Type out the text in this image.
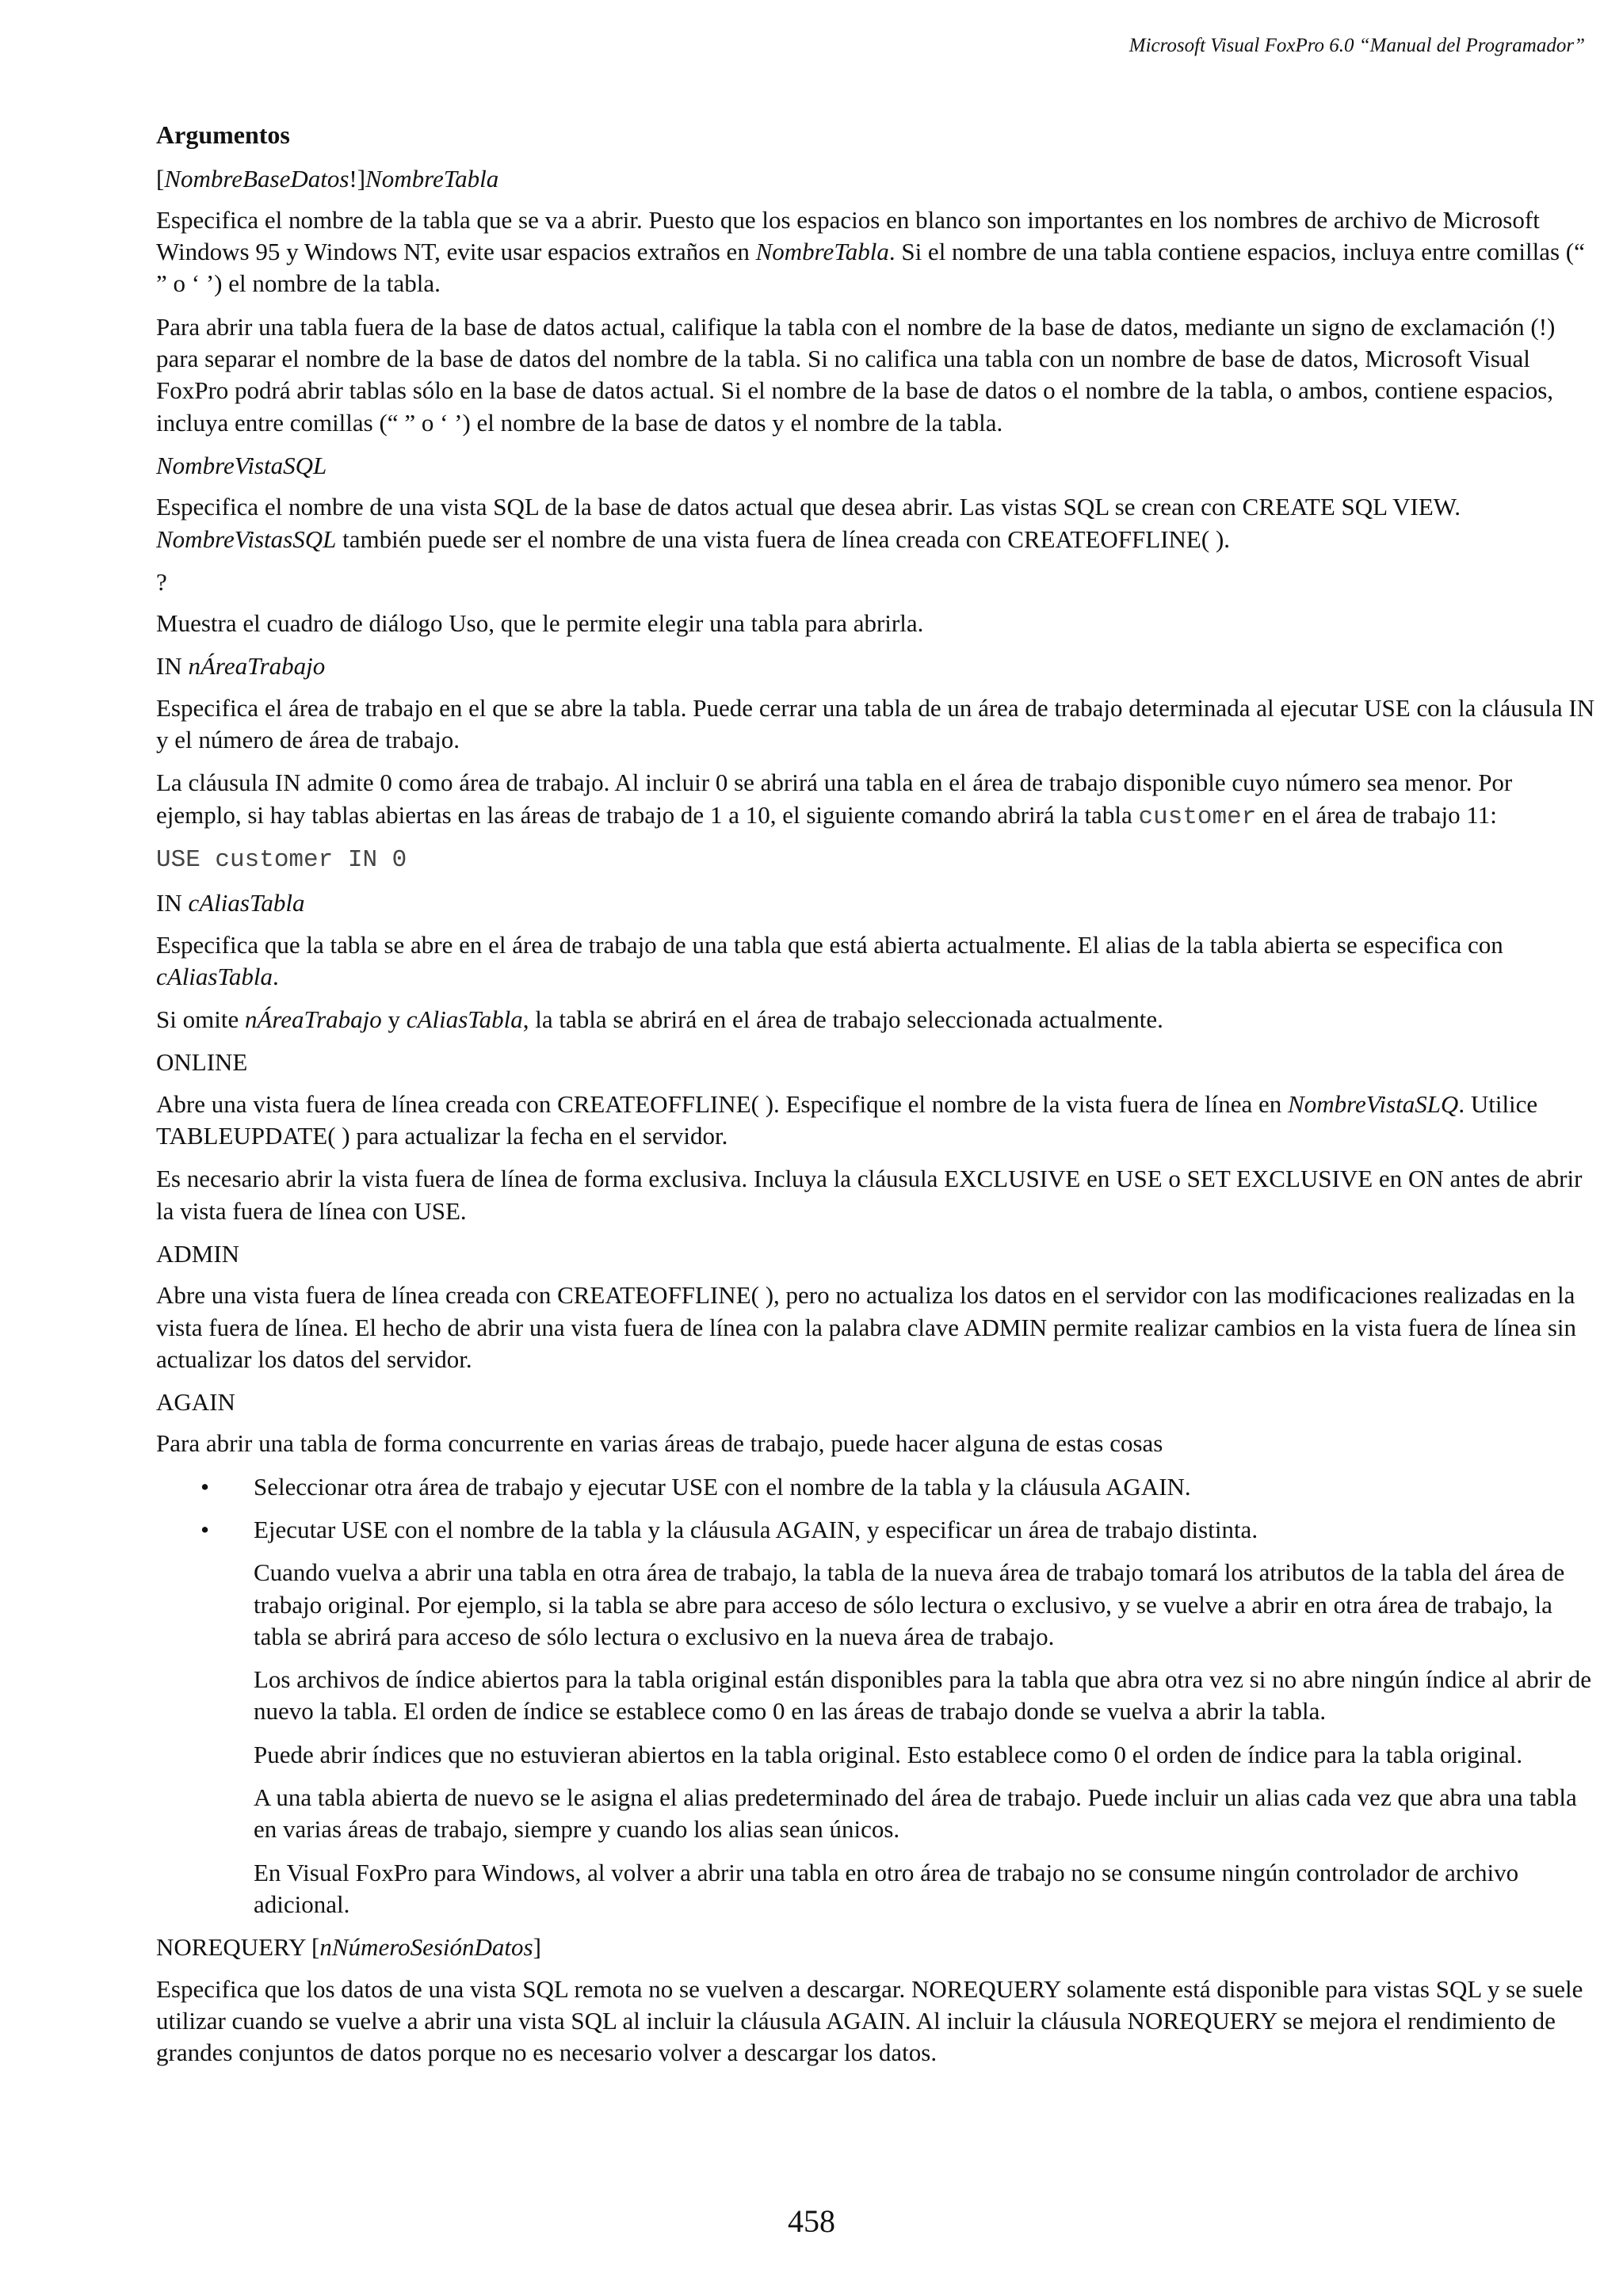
Microsoft Visual FoxPro 6.0 “Manual del Programador”

Argumentos

[NombreBaseDatos!]NombreTabla

Especifica el nombre de la tabla que se va a abrir. Puesto que los espacios en blanco son importantes en los nombres de archivo de Microsoft Windows 95 y Windows NT, evite usar espacios extraños en NombreTabla. Si el nombre de una tabla contiene espacios, incluya entre comillas (“ ” o ‘ ’) el nombre de la tabla.

Para abrir una tabla fuera de la base de datos actual, califique la tabla con el nombre de la base de datos, mediante un signo de exclamación (!) para separar el nombre de la base de datos del nombre de la tabla. Si no califica una tabla con un nombre de base de datos, Microsoft Visual FoxPro podrá abrir tablas sólo en la base de datos actual. Si el nombre de la base de datos o el nombre de la tabla, o ambos, contiene espacios, incluya entre comillas (“ ” o ‘ ’) el nombre de la base de datos y el nombre de la tabla.

NombreVistaSQL

Especifica el nombre de una vista SQL de la base de datos actual que desea abrir. Las vistas SQL se crean con CREATE SQL VIEW. NombreVistasSQL también puede ser el nombre de una vista fuera de línea creada con CREATEOFFLINE( ).

?

Muestra el cuadro de diálogo Uso, que le permite elegir una tabla para abrirla.

IN nÁreaTrabajo

Especifica el área de trabajo en el que se abre la tabla. Puede cerrar una tabla de un área de trabajo determinada al ejecutar USE con la cláusula IN y el número de área de trabajo.

La cláusula IN admite 0 como área de trabajo. Al incluir 0 se abrirá una tabla en el área de trabajo disponible cuyo número sea menor. Por ejemplo, si hay tablas abiertas en las áreas de trabajo de 1 a 10, el siguiente comando abrirá la tabla customer en el área de trabajo 11:

USE customer IN 0

IN cAliasTabla

Especifica que la tabla se abre en el área de trabajo de una tabla que está abierta actualmente. El alias de la tabla abierta se especifica con cAliasTabla.

Si omite nÁreaTrabajo y cAliasTabla, la tabla se abrirá en el área de trabajo seleccionada actualmente.

ONLINE

Abre una vista fuera de línea creada con CREATEOFFLINE( ). Especifique el nombre de la vista fuera de línea en NombreVistaSLQ. Utilice TABLEUPDATE( ) para actualizar la fecha en el servidor.

Es necesario abrir la vista fuera de línea de forma exclusiva. Incluya la cláusula EXCLUSIVE en USE o SET EXCLUSIVE en ON antes de abrir la vista fuera de línea con USE.

ADMIN

Abre una vista fuera de línea creada con CREATEOFFLINE( ), pero no actualiza los datos en el servidor con las modificaciones realizadas en la vista fuera de línea. El hecho de abrir una vista fuera de línea con la palabra clave ADMIN permite realizar cambios en la vista fuera de línea sin actualizar los datos del servidor.

AGAIN

Para abrir una tabla de forma concurrente en varias áreas de trabajo, puede hacer alguna de estas cosas

•	Seleccionar otra área de trabajo y ejecutar USE con el nombre de la tabla y la cláusula AGAIN.
•	Ejecutar USE con el nombre de la tabla y la cláusula AGAIN, y especificar un área de trabajo distinta.

Cuando vuelva a abrir una tabla en otra área de trabajo, la tabla de la nueva área de trabajo tomará los atributos de la tabla del área de trabajo original. Por ejemplo, si la tabla se abre para acceso de sólo lectura o exclusivo, y se vuelve a abrir en otra área de trabajo, la tabla se abrirá para acceso de sólo lectura o exclusivo en la nueva área de trabajo.

Los archivos de índice abiertos para la tabla original están disponibles para la tabla que abra otra vez si no abre ningún índice al abrir de nuevo la tabla. El orden de índice se establece como 0 en las áreas de trabajo donde se vuelva a abrir la tabla.

Puede abrir índices que no estuvieran abiertos en la tabla original. Esto establece como 0 el orden de índice para la tabla original.

A una tabla abierta de nuevo se le asigna el alias predeterminado del área de trabajo. Puede incluir un alias cada vez que abra una tabla en varias áreas de trabajo, siempre y cuando los alias sean únicos.

En Visual FoxPro para Windows, al volver a abrir una tabla en otro área de trabajo no se consume ningún controlador de archivo adicional.

NOREQUERY [nNúmeroSesiónDatos]

Especifica que los datos de una vista SQL remota no se vuelven a descargar. NOREQUERY solamente está disponible para vistas SQL y se suele utilizar cuando se vuelve a abrir una vista SQL al incluir la cláusula AGAIN. Al incluir la cláusula NOREQUERY se mejora el rendimiento de grandes conjuntos de datos porque no es necesario volver a descargar los datos.

458
